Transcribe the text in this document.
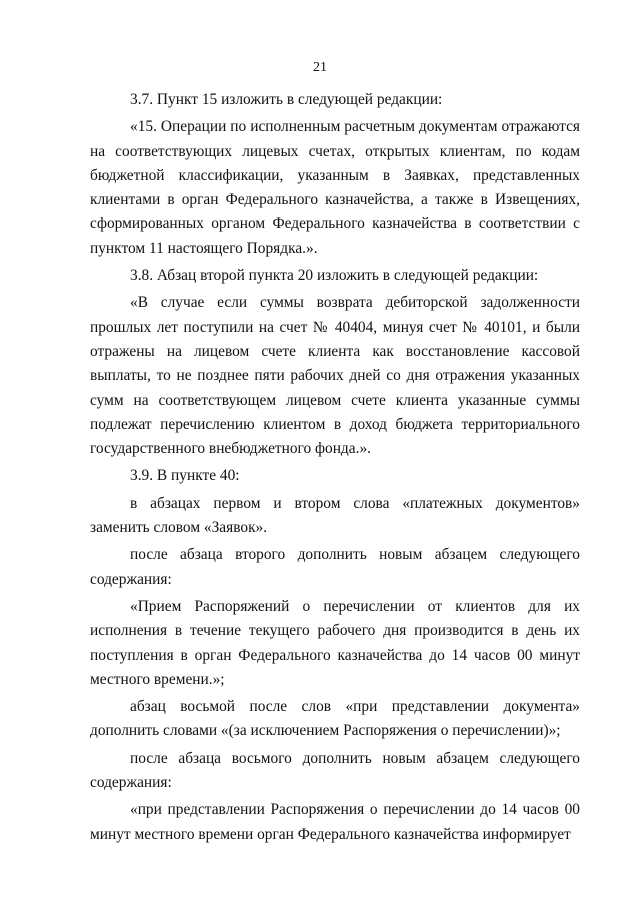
21

3.7. Пункт 15 изложить в следующей редакции:

«15. Операции по исполненным расчетным документам отражаются на соответствующих лицевых счетах, открытых клиентам, по кодам бюджетной классификации, указанным в Заявках, представленных клиентами в орган Федерального казначейства, а также в Извещениях, сформированных органом Федерального казначейства в соответствии с пунктом 11 настоящего Порядка.».

3.8. Абзац второй пункта 20 изложить в следующей редакции:

«В случае если суммы возврата дебиторской задолженности прошлых лет поступили на счет № 40404, минуя счет № 40101, и были отражены на лицевом счете клиента как восстановление кассовой выплаты, то не позднее пяти рабочих дней со дня отражения указанных сумм на соответствующем лицевом счете клиента указанные суммы подлежат перечислению клиентом в доход бюджета территориального государственного внебюджетного фонда.».

3.9. В пункте 40:

в абзацах первом и втором слова «платежных документов» заменить словом «Заявок».

после абзаца второго дополнить новым абзацем следующего содержания:

«Прием Распоряжений о перечислении от клиентов для их исполнения в течение текущего рабочего дня производится в день их поступления в орган Федерального казначейства до 14 часов 00 минут местного времени.»;

абзац восьмой после слов «при представлении документа» дополнить словами «(за исключением Распоряжения о перечислении)»;

после абзаца восьмого дополнить новым абзацем следующего содержания:

«при представлении Распоряжения о перечислении до 14 часов 00 минут местного времени орган Федерального казначейства информирует
